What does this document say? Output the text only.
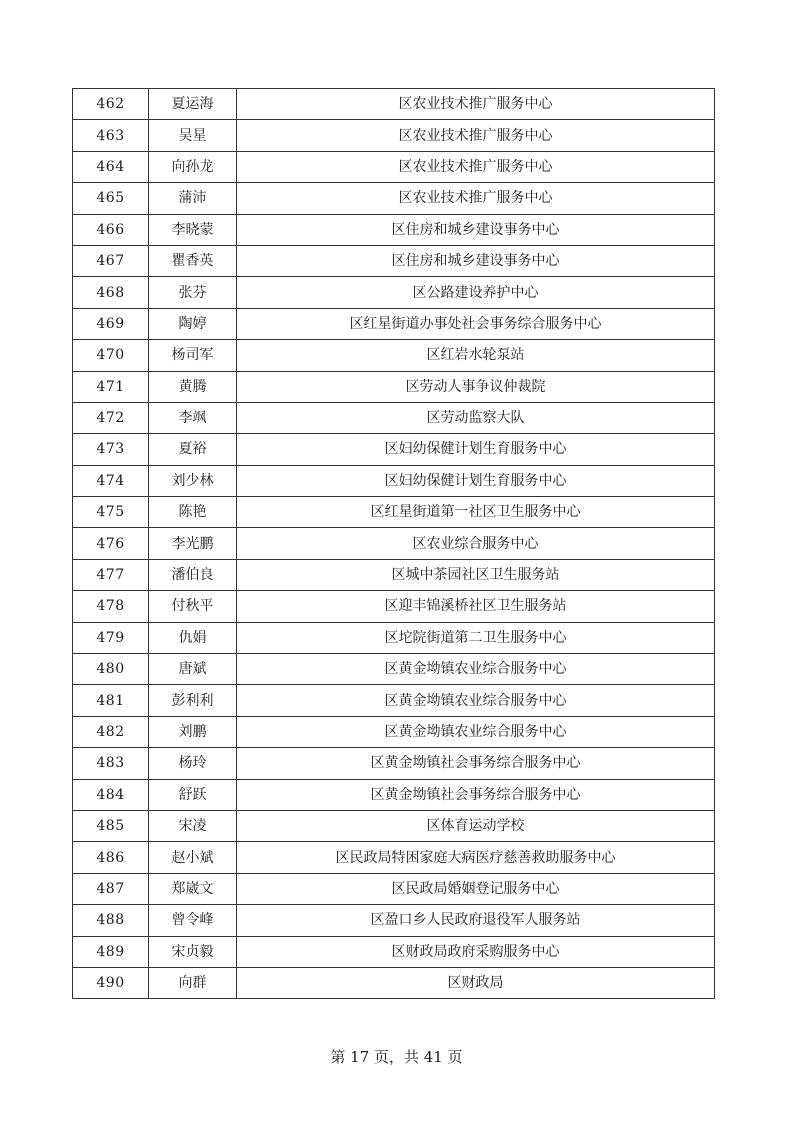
462	夏运海	区农业技术推广服务中心
463	吴星	区农业技术推广服务中心
464	向孙龙	区农业技术推广服务中心
465	蒲沛	区农业技术推广服务中心
466	李晓蒙	区住房和城乡建设事务中心
467	瞿香英	区住房和城乡建设事务中心
468	张芬	区公路建设养护中心
469	陶婷	区红星街道办事处社会事务综合服务中心
470	杨司军	区红岩水轮泵站
471	黄腾	区劳动人事争议仲裁院
472	李飒	区劳动监察大队
473	夏裕	区妇幼保健计划生育服务中心
474	刘少林	区妇幼保健计划生育服务中心
475	陈艳	区红星街道第一社区卫生服务中心
476	李光鹏	区农业综合服务中心
477	潘伯良	区城中茶园社区卫生服务站
478	付秋平	区迎丰锦溪桥社区卫生服务站
479	仇娟	区坨院街道第二卫生服务中心
480	唐斌	区黄金坳镇农业综合服务中心
481	彭利利	区黄金坳镇农业综合服务中心
482	刘鹏	区黄金坳镇农业综合服务中心
483	杨玲	区黄金坳镇社会事务综合服务中心
484	舒跃	区黄金坳镇社会事务综合服务中心
485	宋凌	区体育运动学校
486	赵小斌	区民政局特困家庭大病医疗慈善救助服务中心
487	郑崴文	区民政局婚姻登记服务中心
488	曾令峰	区盈口乡人民政府退役军人服务站
489	宋贞毅	区财政局政府采购服务中心
490	向群	区财政局
第 17 页，共 41 页
